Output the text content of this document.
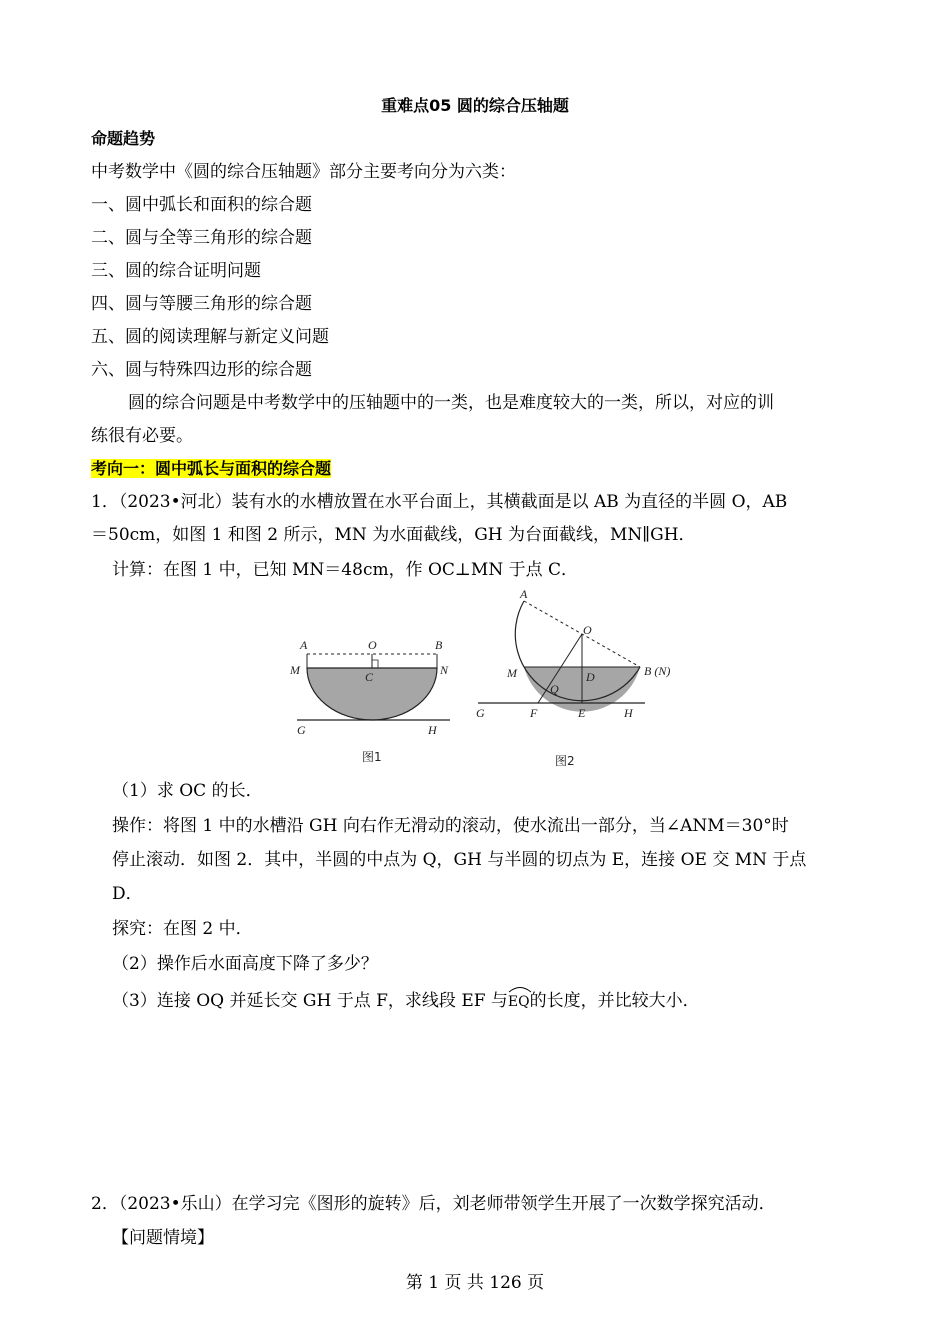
重难点05 圆的综合压轴题
命题趋势
中考数学中《圆的综合压轴题》部分主要考向分为六类：
一、圆中弧长和面积的综合题
二、圆与全等三角形的综合题
三、圆的综合证明问题
四、圆与等腰三角形的综合题
五、圆的阅读理解与新定义问题
六、圆与特殊四边形的综合题
圆的综合问题是中考数学中的压轴题中的一类，也是难度较大的一类，所以，对应的训
练很有必要。
考向一：圆中弧长与面积的综合题
1．（2023•河北）装有水的水槽放置在水平台面上，其横截面是以 AB 为直径的半圆 O，AB
＝50cm，如图 1 和图 2 所示，MN 为水面截线，GH 为台面截线，MN∥GH．
计算：在图 1 中，已知 MN＝48cm，作 OC⊥MN 于点 C．
A	O	B
M	N
C
G	H
图1
A
O
B (N)
M	D
Q
G	F	E	H
图2
（1）求 OC 的长．
操作：将图 1 中的水槽沿 GH 向右作无滑动的滚动，使水流出一部分，当∠ANM＝30°时
停止滚动．如图 2．其中，半圆的中点为 Q，GH 与半圆的切点为 E，连接 OE 交 MN 于点
D．
探究：在图 2 中．
（2）操作后水面高度下降了多少？
（3）连接 OQ 并延长交 GH 于点 F，求线段 EF 与
EQ的长度，并比较大小．
2．（2023•乐山）在学习完《图形的旋转》后，刘老师带领学生开展了一次数学探究活动．
【问题情境】
第 1 页 共 126 页
